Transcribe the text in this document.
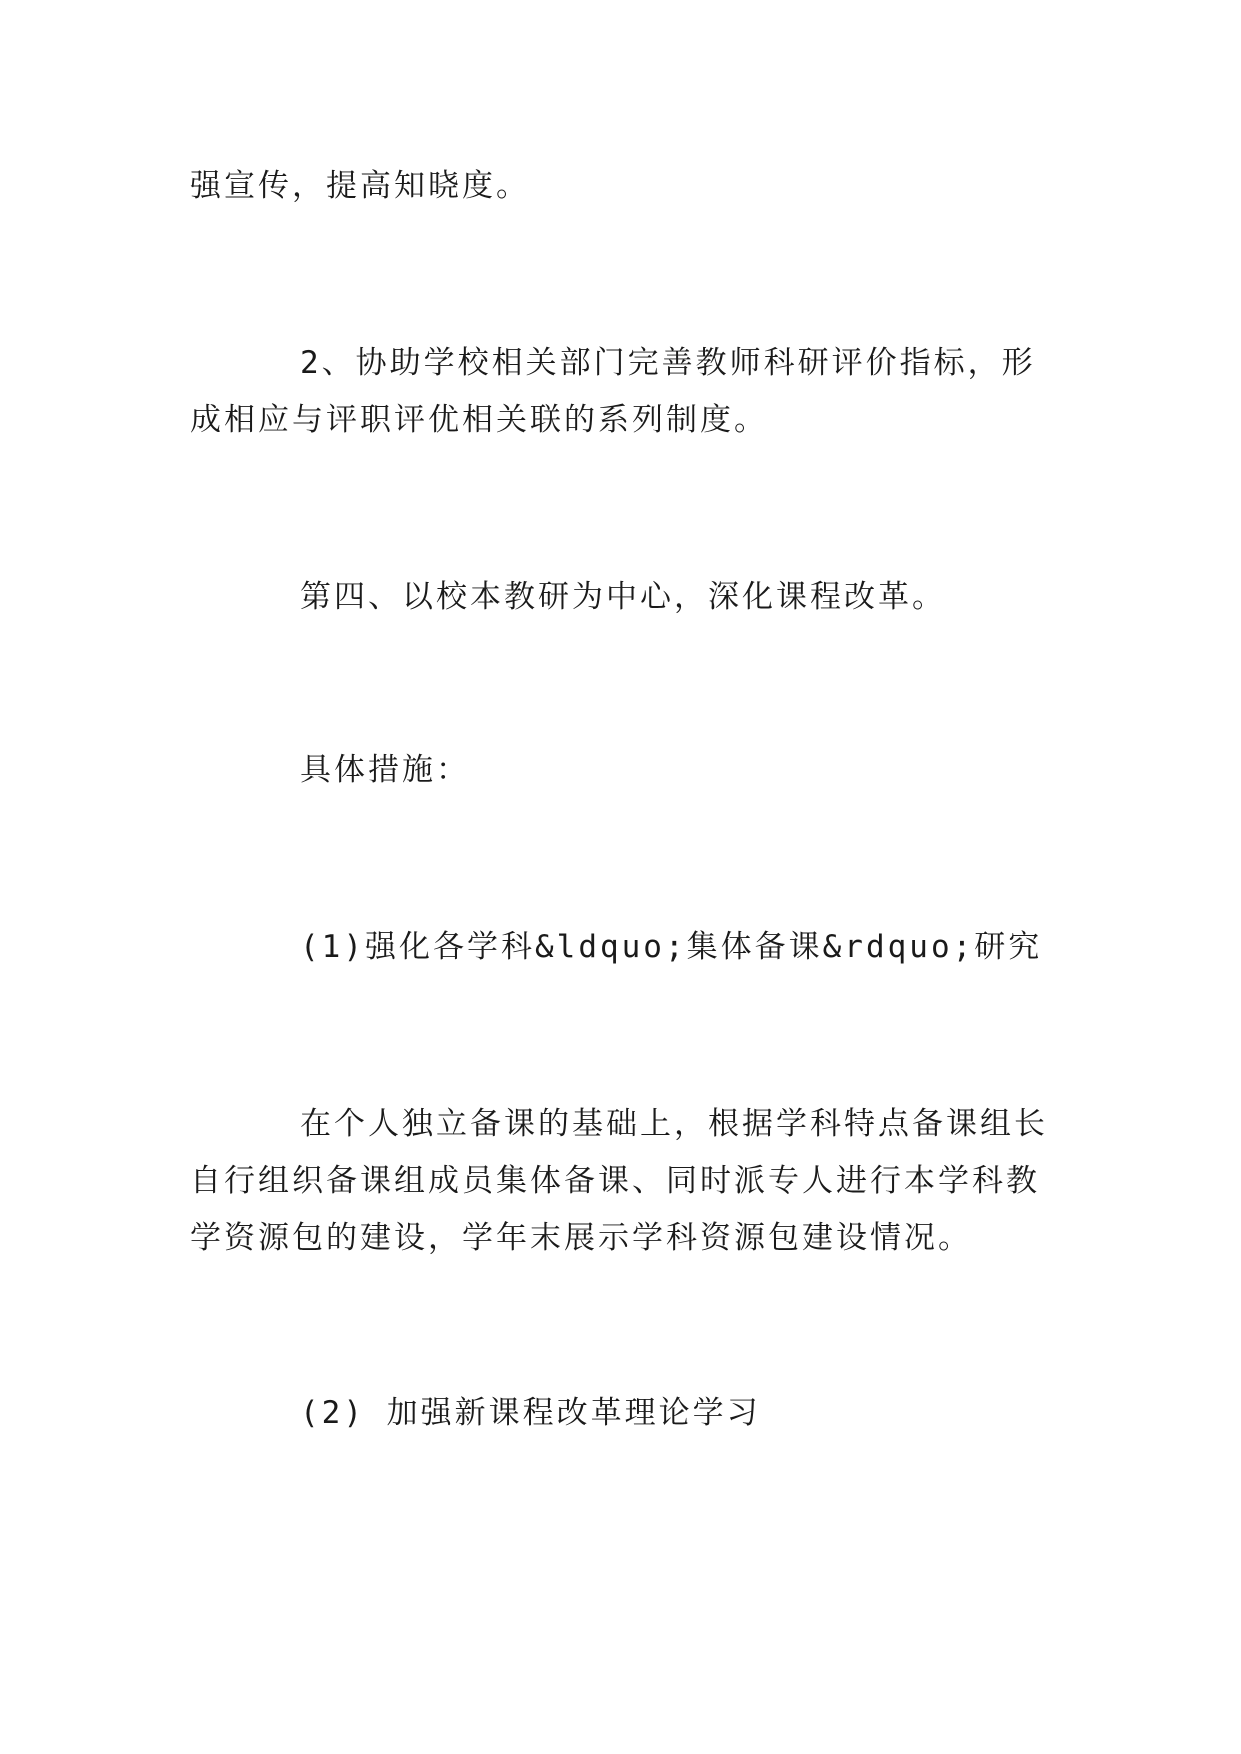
强宣传，提高知晓度。

2、协助学校相关部门完善教师科研评价指标，形成相应与评职评优相关联的系列制度。

第四、以校本教研为中心，深化课程改革。

具体措施：

(1)强化各学科&ldquo;集体备课&rdquo;研究

在个人独立备课的基础上，根据学科特点备课组长自行组织备课组成员集体备课、同时派专人进行本学科教学资源包的建设，学年末展示学科资源包建设情况。

(2) 加强新课程改革理论学习
